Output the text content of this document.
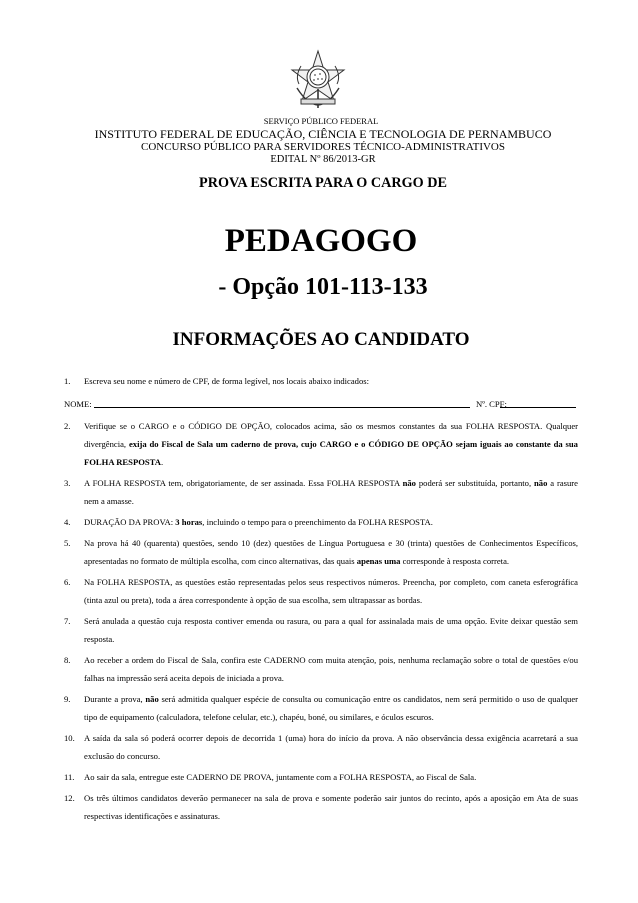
SERVIÇO PÚBLICO FEDERAL
INSTITUTO FEDERAL DE EDUCAÇÃO, CIÊNCIA E TECNOLOGIA DE PERNAMBUCO
CONCURSO PÚBLICO PARA SERVIDORES TÉCNICO-ADMINISTRATIVOS
EDITAL Nº 86/2013-GR
PROVA ESCRITA PARA O CARGO DE
PEDAGOGO
- Opção 101-113-133
INFORMAÇÕES AO CANDIDATO
1. Escreva seu nome e número de CPF, de forma legível, nos locais abaixo indicados:
NOME:	Nº. CPF:
2. Verifique se o CARGO e o CÓDIGO DE OPÇÃO, colocados acima, são os mesmos constantes da sua FOLHA RESPOSTA. Qualquer divergência, exija do Fiscal de Sala um caderno de prova, cujo CARGO e o CÓDIGO DE OPÇÃO sejam iguais ao constante da sua FOLHA RESPOSTA.
3. A FOLHA RESPOSTA tem, obrigatoriamente, de ser assinada. Essa FOLHA RESPOSTA não poderá ser substituída, portanto, não a rasure nem a amasse.
4. DURAÇÃO DA PROVA: 3 horas, incluindo o tempo para o preenchimento da FOLHA RESPOSTA.
5. Na prova há 40 (quarenta) questões, sendo 10 (dez) questões de Língua Portuguesa e 30 (trinta) questões de Conhecimentos Específicos, apresentadas no formato de múltipla escolha, com cinco alternativas, das quais apenas uma corresponde à resposta correta.
6. Na FOLHA RESPOSTA, as questões estão representadas pelos seus respectivos números. Preencha, por completo, com caneta esferográfica (tinta azul ou preta), toda a área correspondente à opção de sua escolha, sem ultrapassar as bordas.
7. Será anulada a questão cuja resposta contiver emenda ou rasura, ou para a qual for assinalada mais de uma opção. Evite deixar questão sem resposta.
8. Ao receber a ordem do Fiscal de Sala, confira este CADERNO com muita atenção, pois, nenhuma reclamação sobre o total de questões e/ou falhas na impressão será aceita depois de iniciada a prova.
9. Durante a prova, não será admitida qualquer espécie de consulta ou comunicação entre os candidatos, nem será permitido o uso de qualquer tipo de equipamento (calculadora, telefone celular, etc.), chapéu, boné, ou similares, e óculos escuros.
10. A saída da sala só poderá ocorrer depois de decorrida 1 (uma) hora do início da prova. A não observância dessa exigência acarretará a sua exclusão do concurso.
11. Ao sair da sala, entregue este CADERNO DE PROVA, juntamente com a FOLHA RESPOSTA, ao Fiscal de Sala.
12. Os três últimos candidatos deverão permanecer na sala de prova e somente poderão sair juntos do recinto, após a aposição em Ata de suas respectivas identificações e assinaturas.
